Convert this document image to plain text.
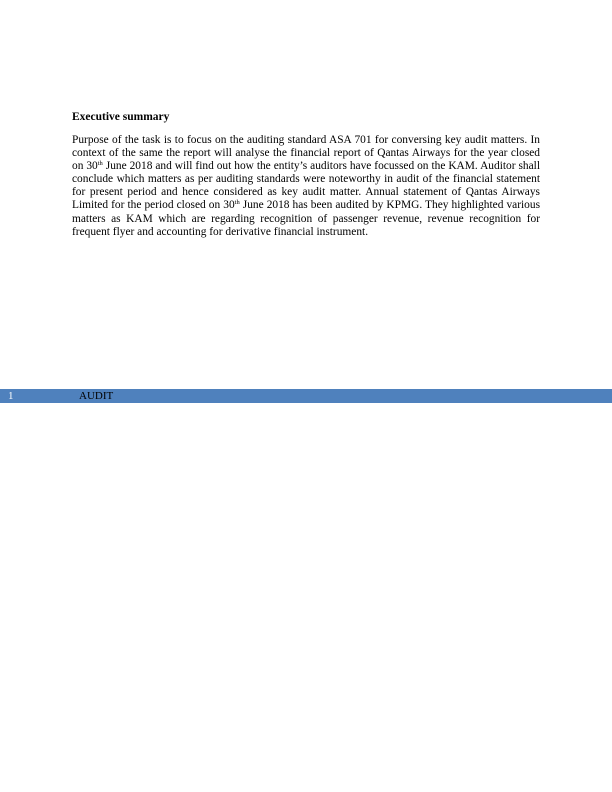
Executive summary

Purpose of the task is to focus on the auditing standard ASA 701 for conversing key audit matters. In context of the same the report will analyse the financial report of Qantas Airways for the year closed on 30th June 2018 and will find out how the entity’s auditors have focussed on the KAM. Auditor shall conclude which matters as per auditing standards were noteworthy in audit of the financial statement for present period and hence considered as key audit matter. Annual statement of Qantas Airways Limited for the period closed on 30th June 2018 has been audited by KPMG. They highlighted various matters as KAM which are regarding recognition of passenger revenue, revenue recognition for frequent flyer and accounting for derivative financial instrument.

1	AUDIT
